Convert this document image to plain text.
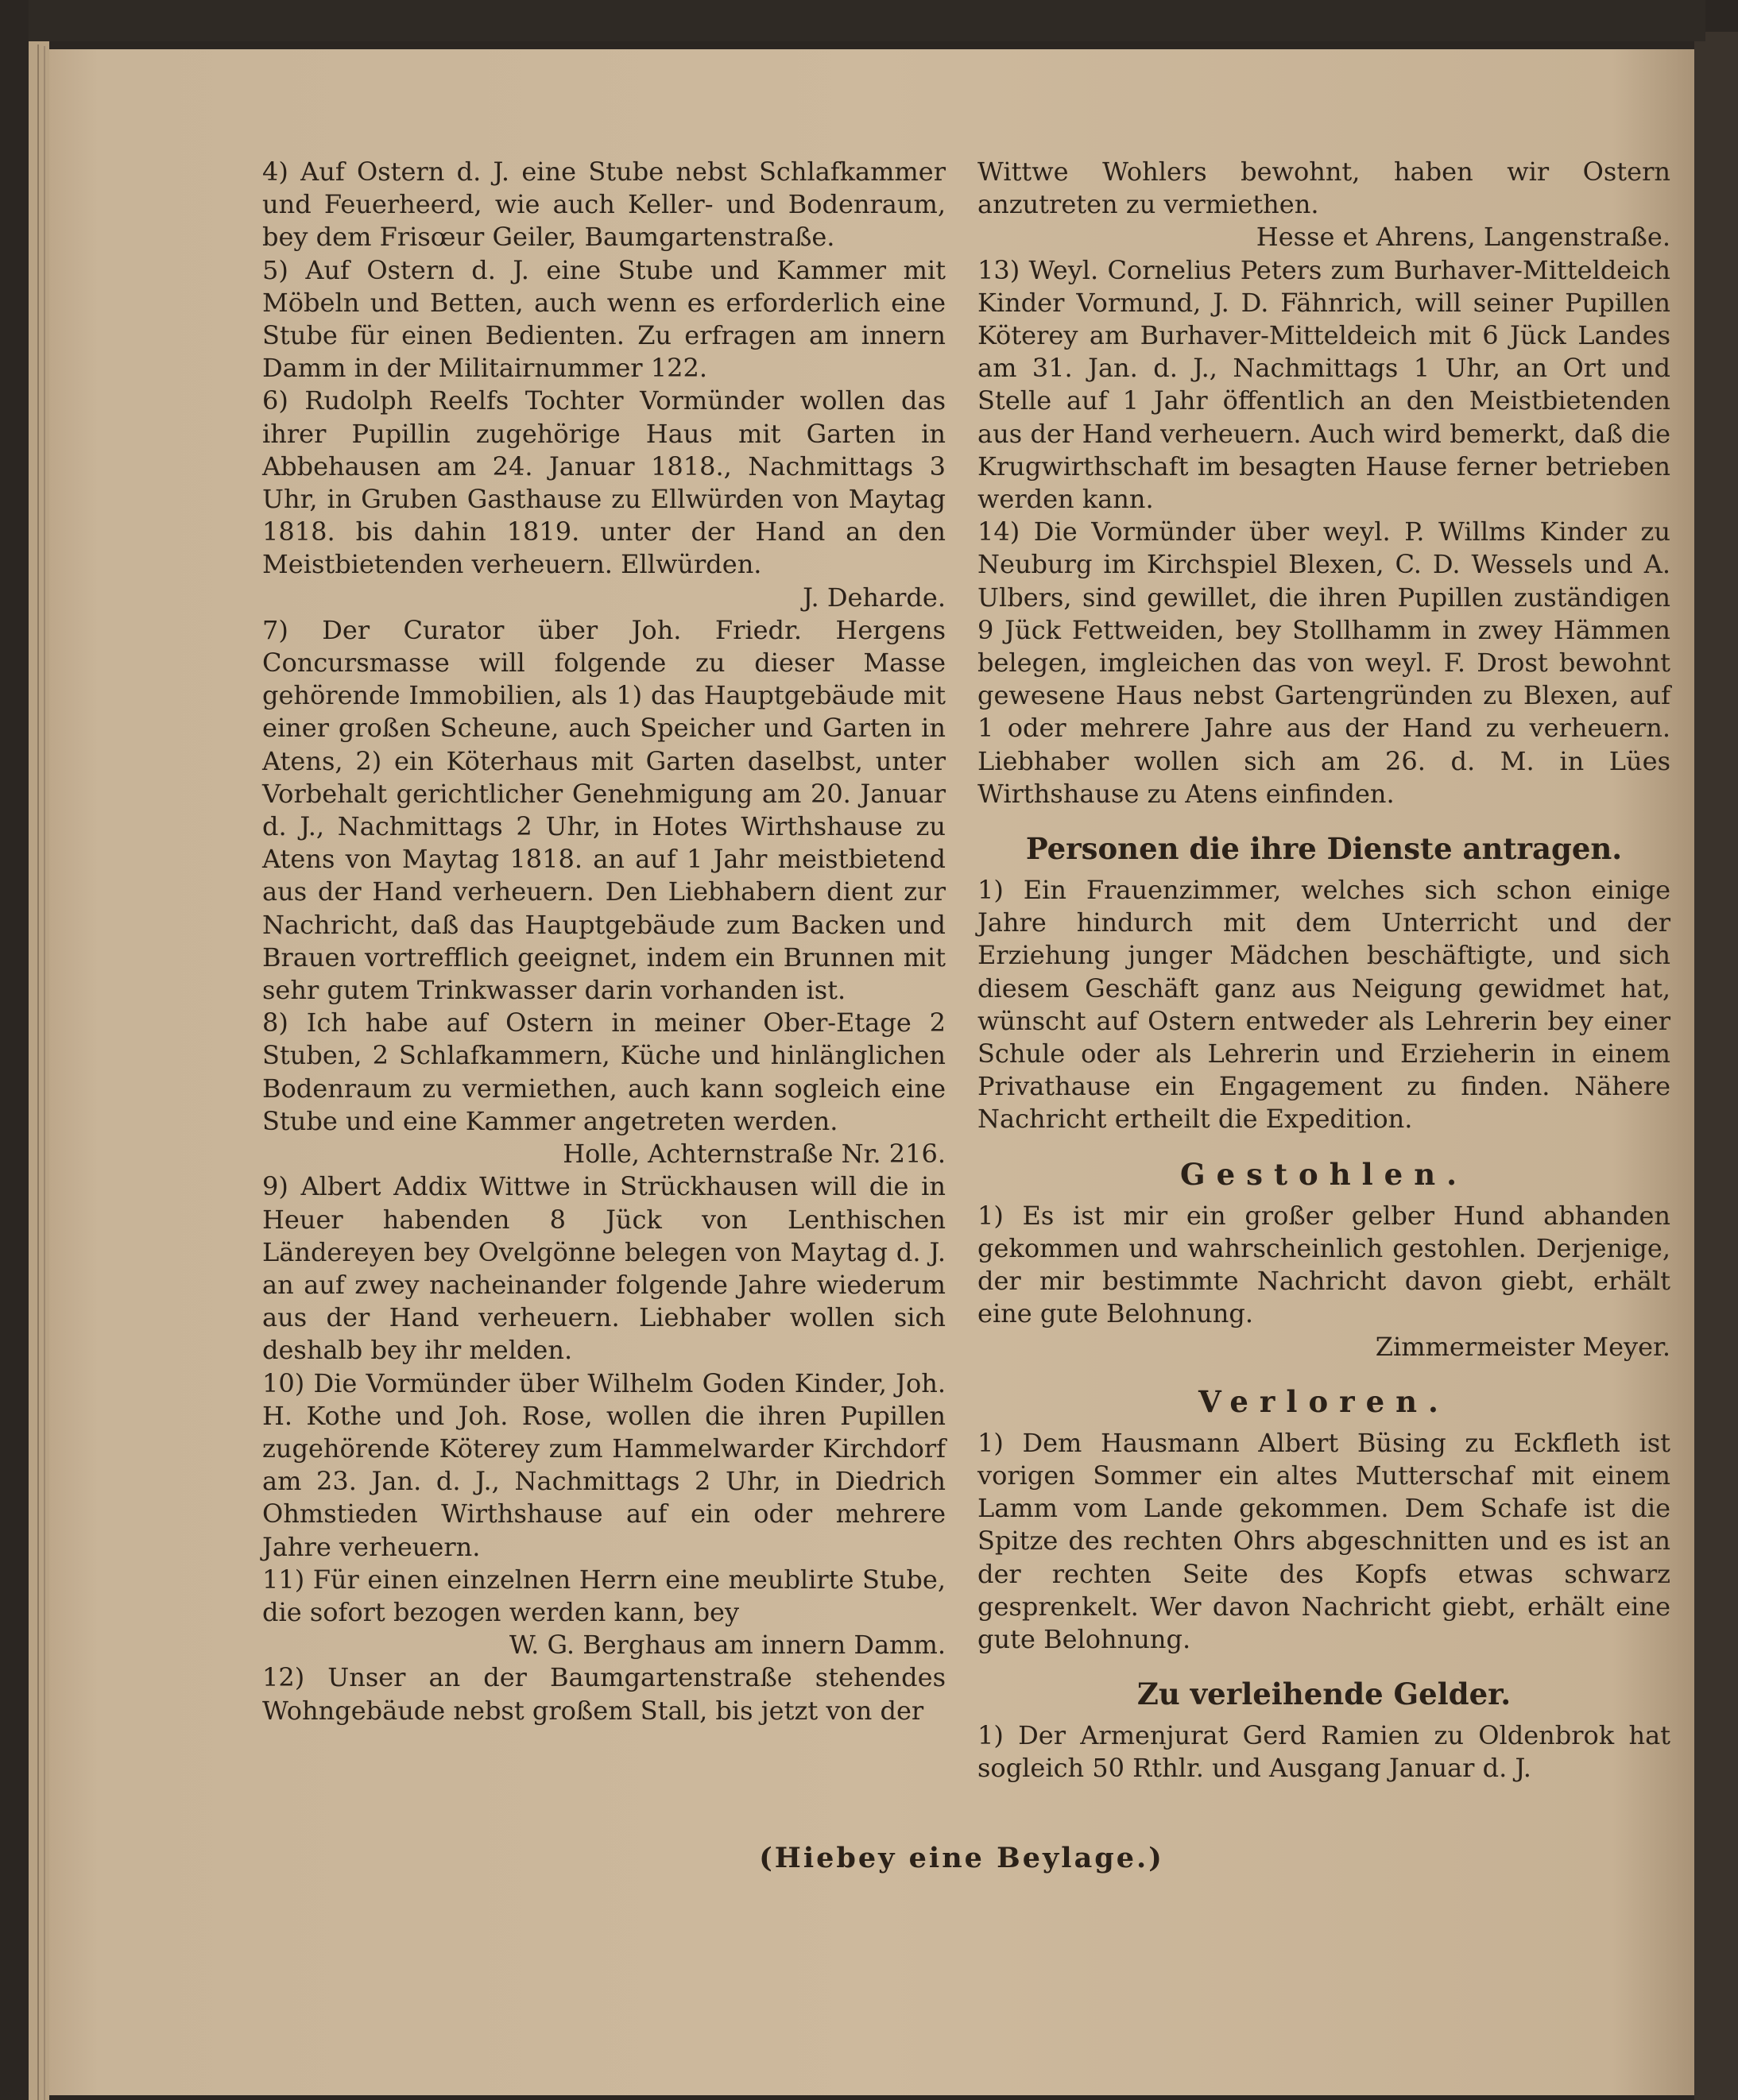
4) Auf Ostern d. J. eine Stube nebst Schlafkammer und Feuerheerd, wie auch Keller- und Bodenraum, bey dem Frisœur Geiler, Baumgartenstraße.

5) Auf Ostern d. J. eine Stube und Kammer mit Möbeln und Betten, auch wenn es erforderlich eine Stube für einen Bedienten. Zu erfragen am innern Damm in der Militairnummer 122.

6) Rudolph Reelfs Tochter Vormünder wollen das ihrer Pupillin zugehörige Haus mit Garten in Abbehausen am 24. Januar 1818., Nachmittags 3 Uhr, in Gruben Gasthause zu Ellwürden von Maytag 1818. bis dahin 1819. unter der Hand an den Meistbietenden verheuern. Ellwürden.

J. Deharde.

7) Der Curator über Joh. Friedr. Hergens Concursmasse will folgende zu dieser Masse gehörende Immobilien, als 1) das Hauptgebäude mit einer großen Scheune, auch Speicher und Garten in Atens, 2) ein Köterhaus mit Garten daselbst, unter Vorbehalt gerichtlicher Genehmigung am 20. Januar d. J., Nachmittags 2 Uhr, in Hotes Wirthshause zu Atens von Maytag 1818. an auf 1 Jahr meistbietend aus der Hand verheuern. Den Liebhabern dient zur Nachricht, daß das Hauptgebäude zum Backen und Brauen vortrefflich geeignet, indem ein Brunnen mit sehr gutem Trinkwasser darin vorhanden ist.

8) Ich habe auf Ostern in meiner Ober-Etage 2 Stuben, 2 Schlafkammern, Küche und hinlänglichen Bodenraum zu vermiethen, auch kann sogleich eine Stube und eine Kammer angetreten werden.

Holle, Achternstraße Nr. 216.

9) Albert Addix Wittwe in Strückhausen will die in Heuer habenden 8 Jück von Lenthischen Ländereyen bey Ovelgönne belegen von Maytag d. J. an auf zwey nacheinander folgende Jahre wiederum aus der Hand verheuern. Liebhaber wollen sich deshalb bey ihr melden.

10) Die Vormünder über Wilhelm Goden Kinder, Joh. H. Kothe und Joh. Rose, wollen die ihren Pupillen zugehörende Köterey zum Hammelwarder Kirchdorf am 23. Jan. d. J., Nachmittags 2 Uhr, in Diedrich Ohmstieden Wirthshause auf ein oder mehrere Jahre verheuern.

11) Für einen einzelnen Herrn eine meublirte Stube, die sofort bezogen werden kann, bey

W. G. Berghaus am innern Damm.

12) Unser an der Baumgartenstraße stehendes Wohngebäude nebst großem Stall, bis jetzt von der

Wittwe Wohlers bewohnt, haben wir Ostern anzutreten zu vermiethen.

Hesse et Ahrens, Langenstraße.

13) Weyl. Cornelius Peters zum Burhaver-Mitteldeich Kinder Vormund, J. D. Fähnrich, will seiner Pupillen Köterey am Burhaver-Mitteldeich mit 6 Jück Landes am 31. Jan. d. J., Nachmittags 1 Uhr, an Ort und Stelle auf 1 Jahr öffentlich an den Meistbietenden aus der Hand verheuern. Auch wird bemerkt, daß die Krugwirthschaft im besagten Hause ferner betrieben werden kann.

14) Die Vormünder über weyl. P. Willms Kinder zu Neuburg im Kirchspiel Blexen, C. D. Wessels und A. Ulbers, sind gewillet, die ihren Pupillen zuständigen 9 Jück Fettweiden, bey Stollhamm in zwey Hämmen belegen, imgleichen das von weyl. F. Drost bewohnt gewesene Haus nebst Gartengründen zu Blexen, auf 1 oder mehrere Jahre aus der Hand zu verheuern. Liebhaber wollen sich am 26. d. M. in Lües Wirthshause zu Atens einfinden.

Personen die ihre Dienste antragen.

1) Ein Frauenzimmer, welches sich schon einige Jahre hindurch mit dem Unterricht und der Erziehung junger Mädchen beschäftigte, und sich diesem Geschäft ganz aus Neigung gewidmet hat, wünscht auf Ostern entweder als Lehrerin bey einer Schule oder als Lehrerin und Erzieherin in einem Privathause ein Engagement zu finden. Nähere Nachricht ertheilt die Expedition.

Gestohlen.

1) Es ist mir ein großer gelber Hund abhanden gekommen und wahrscheinlich gestohlen. Derjenige, der mir bestimmte Nachricht davon giebt, erhält eine gute Belohnung.

Zimmermeister Meyer.

Verloren.

1) Dem Hausmann Albert Büsing zu Eckfleth ist vorigen Sommer ein altes Mutterschaf mit einem Lamm vom Lande gekommen. Dem Schafe ist die Spitze des rechten Ohrs abgeschnitten und es ist an der rechten Seite des Kopfs etwas schwarz gesprenkelt. Wer davon Nachricht giebt, erhält eine gute Belohnung.

Zu verleihende Gelder.

1) Der Armenjurat Gerd Ramien zu Oldenbrok hat sogleich 50 Rthlr. und Ausgang Januar d. J.

(Hiebey eine Beylage.)
